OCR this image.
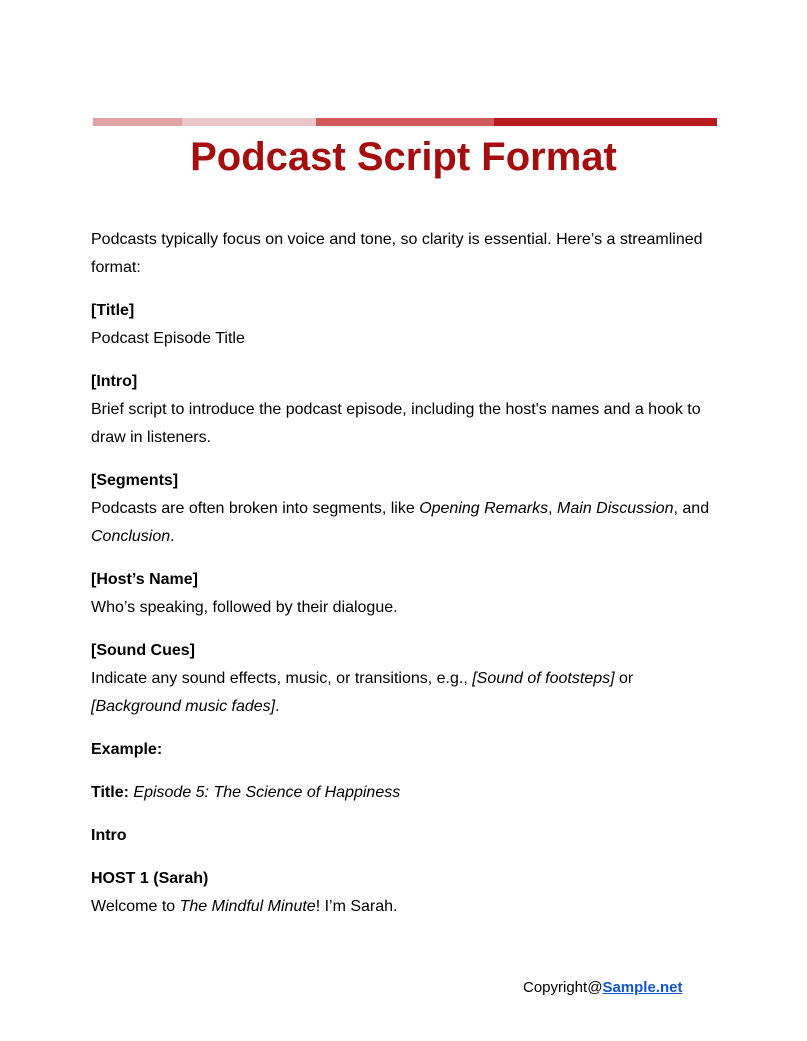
Podcast Script Format

Podcasts typically focus on voice and tone, so clarity is essential. Here’s a streamlined format:

[Title]

Podcast Episode Title

[Intro]

Brief script to introduce the podcast episode, including the host's names and a hook to draw in listeners.

[Segments]

Podcasts are often broken into segments, like Opening Remarks, Main Discussion, and Conclusion.

[Host’s Name]

Who’s speaking, followed by their dialogue.

[Sound Cues]

Indicate any sound effects, music, or transitions, e.g., [Sound of footsteps] or [Background music fades].

Example:

Title: Episode 5: The Science of Happiness

Intro

HOST 1 (Sarah)

Welcome to The Mindful Minute! I’m Sarah.

Copyright@Sample.net
